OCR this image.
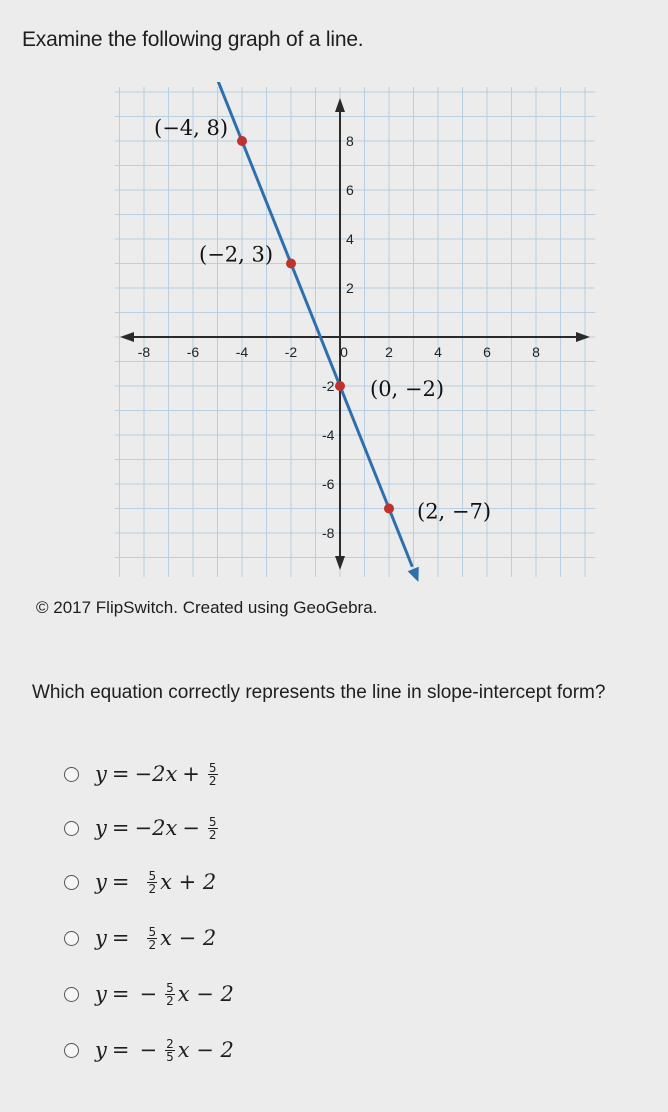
Examine the following graph of a line.
-8	-6	-4	-2	0	2	4	6	8
8
6
4
2
-2
-4
-6
-8
(−4, 8)
(−2, 3)
(0, −2)
(2, −7)
© 2017 FlipSwitch. Created using GeoGebra.
Which equation correctly represents the line in slope-intercept form?
$y = -2x + \frac{5}{2}$
$y = -2x - \frac{5}{2}$
$y = \frac{5}{2}$ x + 2
$y = \frac{5}{2}$ x − 2
y = − $\frac{5}{2}$ x − 2
y = − $\frac{2}{5}$ x − 2
